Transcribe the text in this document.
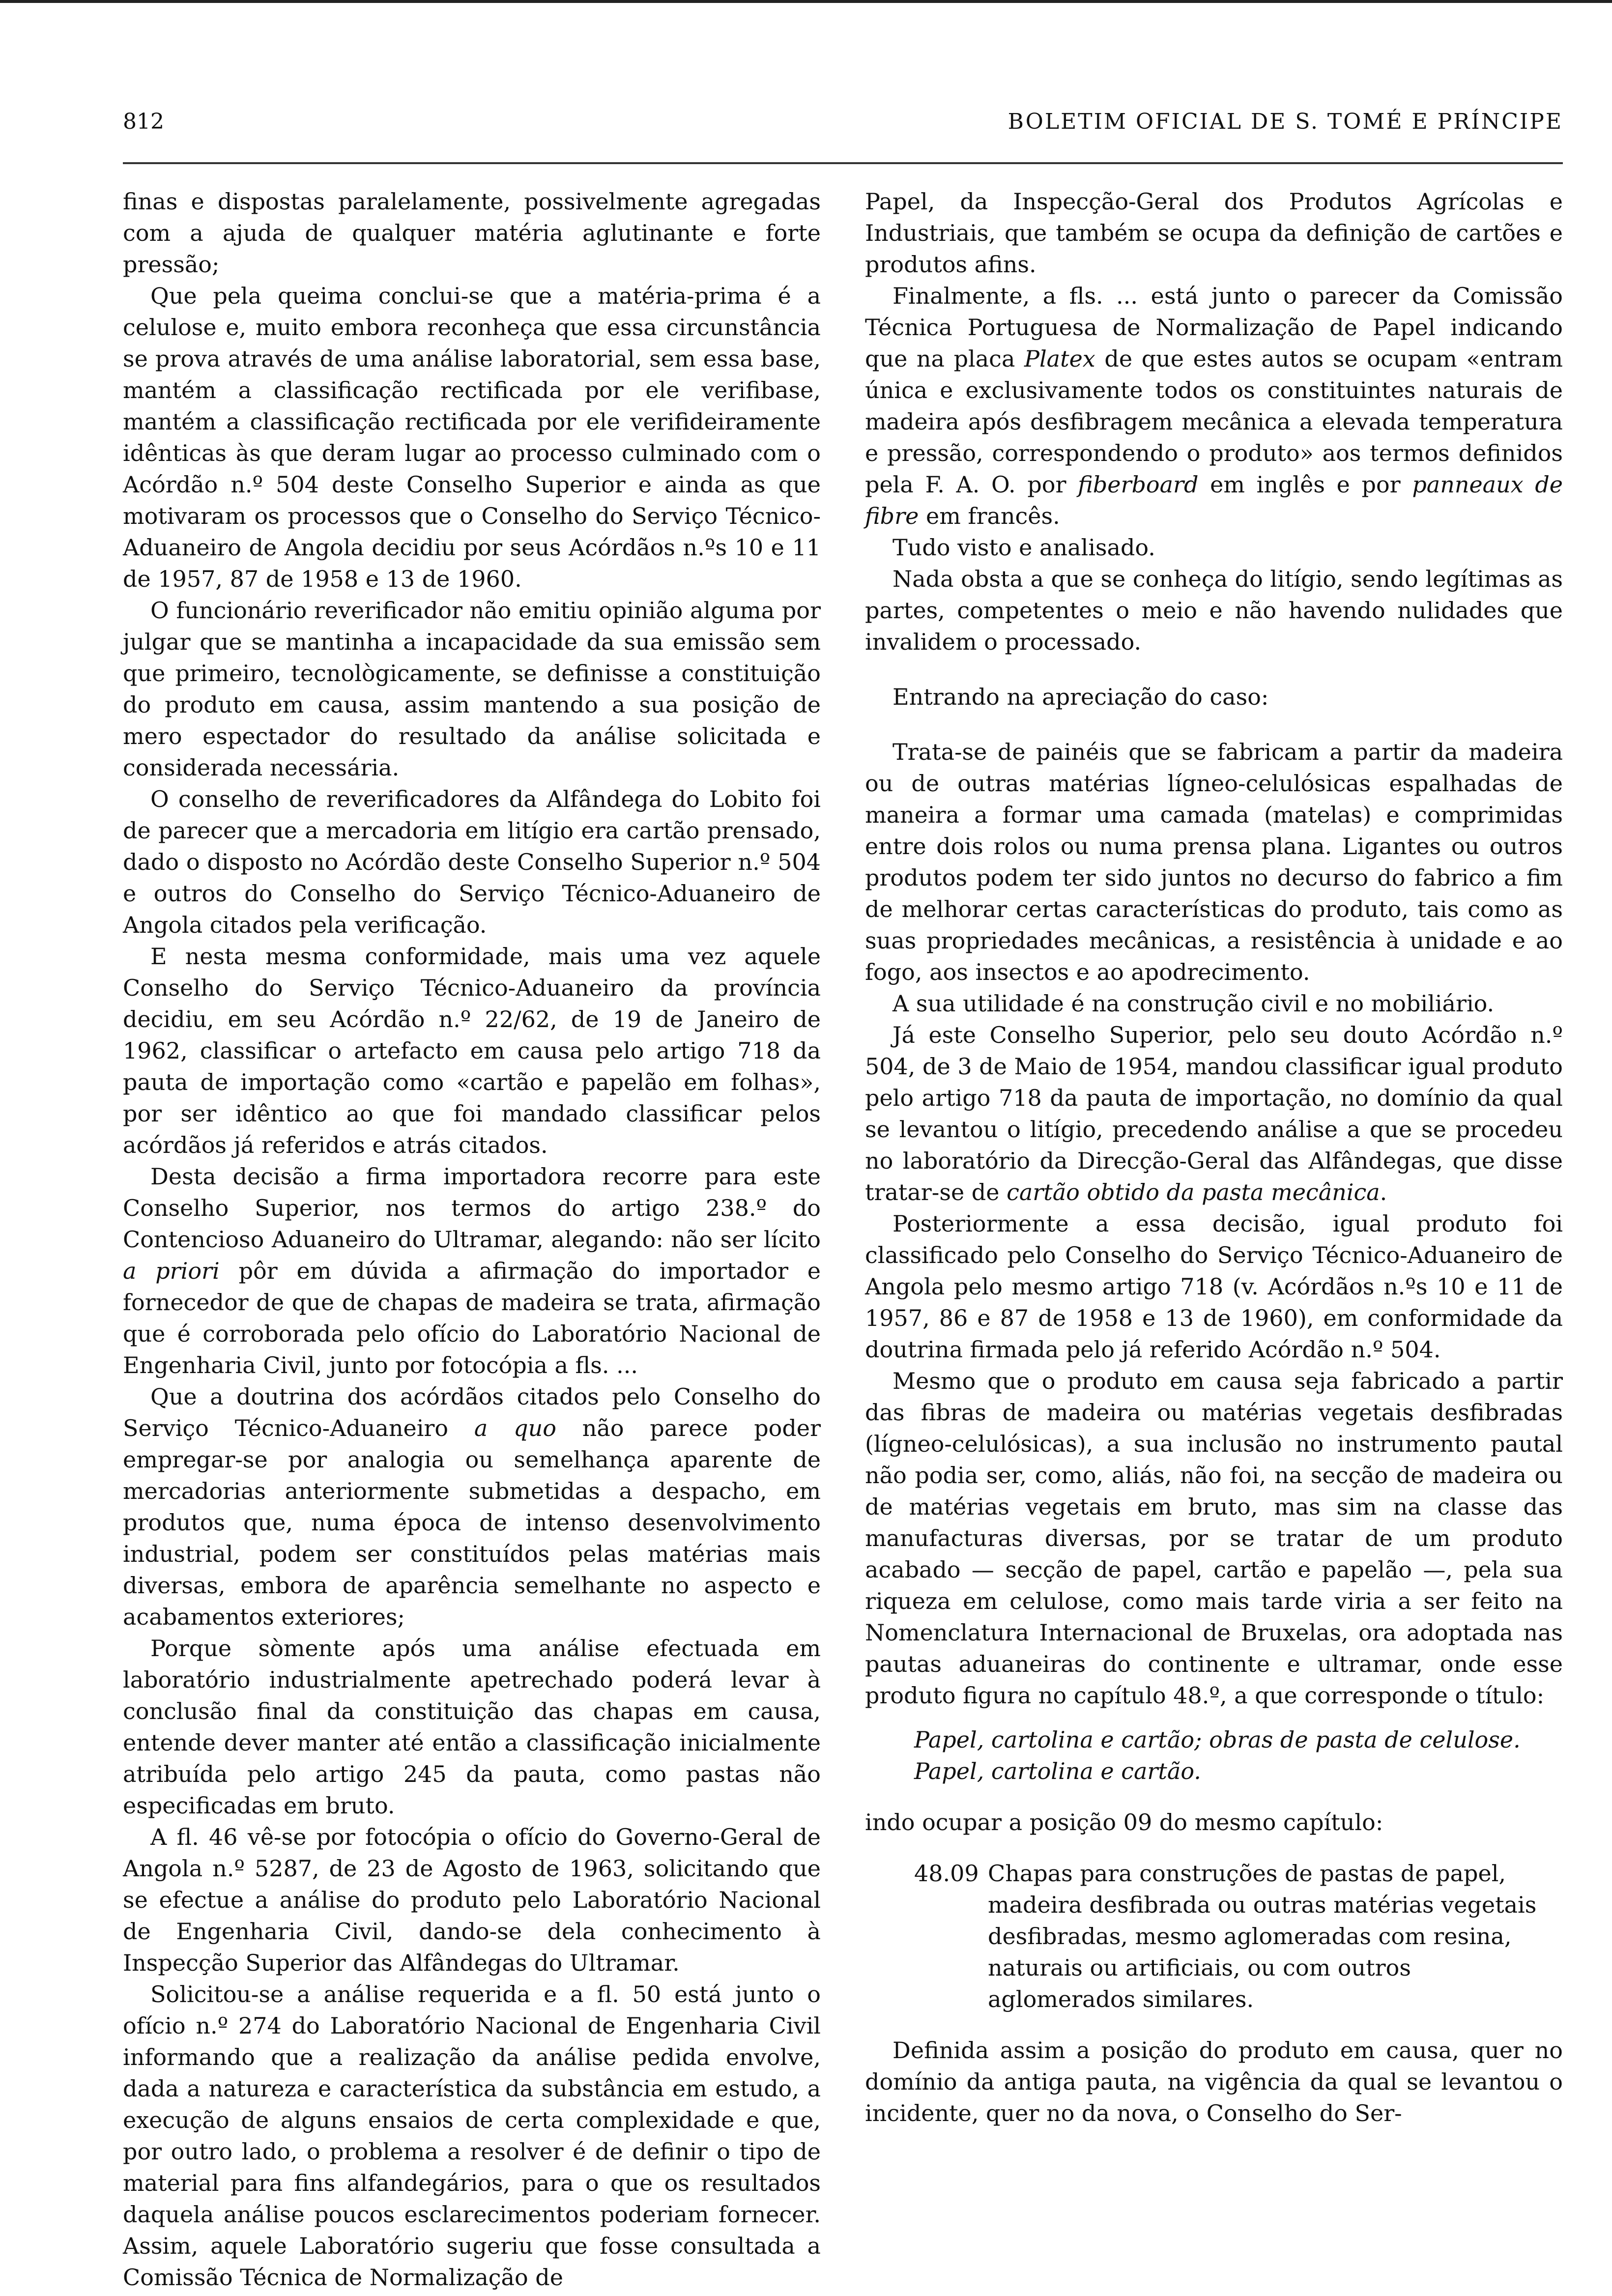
812	BOLETIM OFICIAL DE S. TOMÉ E PRÍNCIPE

finas e dispostas paralelamente, possivelmente agregadas com a ajuda de qualquer matéria aglutinante e forte pressão;

Que pela queima conclui-se que a matéria-prima é a celulose e, muito embora reconheça que essa circunstância se prova através de uma análise laboratorial, sem essa base, mantém a classificação rectificada por ele verifibase, mantém a classificação rectificada por ele verifideiramente idênticas às que deram lugar ao processo culminado com o Acórdão n.º 504 deste Conselho Superior e ainda as que motivaram os processos que o Conselho do Serviço Técnico-Aduaneiro de Angola decidiu por seus Acórdãos n.ºs 10 e 11 de 1957, 87 de 1958 e 13 de 1960.

O funcionário reverificador não emitiu opinião alguma por julgar que se mantinha a incapacidade da sua emissão sem que primeiro, tecnològicamente, se definisse a constituição do produto em causa, assim mantendo a sua posição de mero espectador do resultado da análise solicitada e considerada necessária.

O conselho de reverificadores da Alfândega do Lobito foi de parecer que a mercadoria em litígio era cartão prensado, dado o disposto no Acórdão deste Conselho Superior n.º 504 e outros do Conselho do Serviço Técnico-Aduaneiro de Angola citados pela verificação.

E nesta mesma conformidade, mais uma vez aquele Conselho do Serviço Técnico-Aduaneiro da província decidiu, em seu Acórdão n.º 22/62, de 19 de Janeiro de 1962, classificar o artefacto em causa pelo artigo 718 da pauta de importação como «cartão e papelão em folhas», por ser idêntico ao que foi mandado classificar pelos acórdãos já referidos e atrás citados.

Desta decisão a firma importadora recorre para este Conselho Superior, nos termos do artigo 238.º do Contencioso Aduaneiro do Ultramar, alegando: não ser lícito a priori pôr em dúvida a afirmação do importador e fornecedor de que de chapas de madeira se trata, afirmação que é corroborada pelo ofício do Laboratório Nacional de Engenharia Civil, junto por fotocópia a fls. ...

Que a doutrina dos acórdãos citados pelo Conselho do Serviço Técnico-Aduaneiro a quo não parece poder empregar-se por analogia ou semelhança aparente de mercadorias anteriormente submetidas a despacho, em produtos que, numa época de intenso desenvolvimento industrial, podem ser constituídos pelas matérias mais diversas, embora de aparência semelhante no aspecto e acabamentos exteriores;

Porque sòmente após uma análise efectuada em laboratório industrialmente apetrechado poderá levar à conclusão final da constituição das chapas em causa, entende dever manter até então a classificação inicialmente atribuída pelo artigo 245 da pauta, como pastas não especificadas em bruto.

A fl. 46 vê-se por fotocópia o ofício do Governo-Geral de Angola n.º 5287, de 23 de Agosto de 1963, solicitando que se efectue a análise do produto pelo Laboratório Nacional de Engenharia Civil, dando-se dela conhecimento à Inspecção Superior das Alfândegas do Ultramar.

Solicitou-se a análise requerida e a fl. 50 está junto o ofício n.º 274 do Laboratório Nacional de Engenharia Civil informando que a realização da análise pedida envolve, dada a natureza e característica da substância em estudo, a execução de alguns ensaios de certa complexidade e que, por outro lado, o problema a resolver é de definir o tipo de material para fins alfandegários, para o que os resultados daquela análise poucos esclarecimentos poderiam fornecer. Assim, aquele Laboratório sugeriu que fosse consultada a Comissão Técnica de Normalização de

Papel, da Inspecção-Geral dos Produtos Agrícolas e Industriais, que também se ocupa da definição de cartões e produtos afins.

Finalmente, a fls. ... está junto o parecer da Comissão Técnica Portuguesa de Normalização de Papel indicando que na placa Platex de que estes autos se ocupam «entram única e exclusivamente todos os constituintes naturais de madeira após desfibragem mecânica a elevada temperatura e pressão, correspondendo o produto» aos termos definidos pela F. A. O. por fiberboard em inglês e por panneaux de fibre em francês.

Tudo visto e analisado.

Nada obsta a que se conheça do litígio, sendo legítimas as partes, competentes o meio e não havendo nulidades que invalidem o processado.

Entrando na apreciação do caso:

Trata-se de painéis que se fabricam a partir da madeira ou de outras matérias lígneo-celulósicas espalhadas de maneira a formar uma camada (matelas) e comprimidas entre dois rolos ou numa prensa plana. Ligantes ou outros produtos podem ter sido juntos no decurso do fabrico a fim de melhorar certas características do produto, tais como as suas propriedades mecânicas, a resistência à unidade e ao fogo, aos insectos e ao apodrecimento.

A sua utilidade é na construção civil e no mobiliário.

Já este Conselho Superior, pelo seu douto Acórdão n.º 504, de 3 de Maio de 1954, mandou classificar igual produto pelo artigo 718 da pauta de importação, no domínio da qual se levantou o litígio, precedendo análise a que se procedeu no laboratório da Direcção-Geral das Alfândegas, que disse tratar-se de cartão obtido da pasta mecânica.

Posteriormente a essa decisão, igual produto foi classificado pelo Conselho do Serviço Técnico-Aduaneiro de Angola pelo mesmo artigo 718 (v. Acórdãos n.ºs 10 e 11 de 1957, 86 e 87 de 1958 e 13 de 1960), em conformidade da doutrina firmada pelo já referido Acórdão n.º 504.

Mesmo que o produto em causa seja fabricado a partir das fibras de madeira ou matérias vegetais desfibradas (lígneo-celulósicas), a sua inclusão no instrumento pautal não podia ser, como, aliás, não foi, na secção de madeira ou de matérias vegetais em bruto, mas sim na classe das manufacturas diversas, por se tratar de um produto acabado — secção de papel, cartão e papelão —, pela sua riqueza em celulose, como mais tarde viria a ser feito na Nomenclatura Internacional de Bruxelas, ora adoptada nas pautas aduaneiras do continente e ultramar, onde esse produto figura no capítulo 48.º, a que corresponde o título:

Papel, cartolina e cartão; obras de pasta de celulose.
Papel, cartolina e cartão.

indo ocupar a posição 09 do mesmo capítulo:

48.09 Chapas para construções de pastas de papel, madeira desfibrada ou outras matérias vegetais desfibradas, mesmo aglomeradas com resina, naturais ou artificiais, ou com outros aglomerados similares.

Definida assim a posição do produto em causa, quer no domínio da antiga pauta, na vigência da qual se levantou o incidente, quer no da nova, o Conselho do Ser-
